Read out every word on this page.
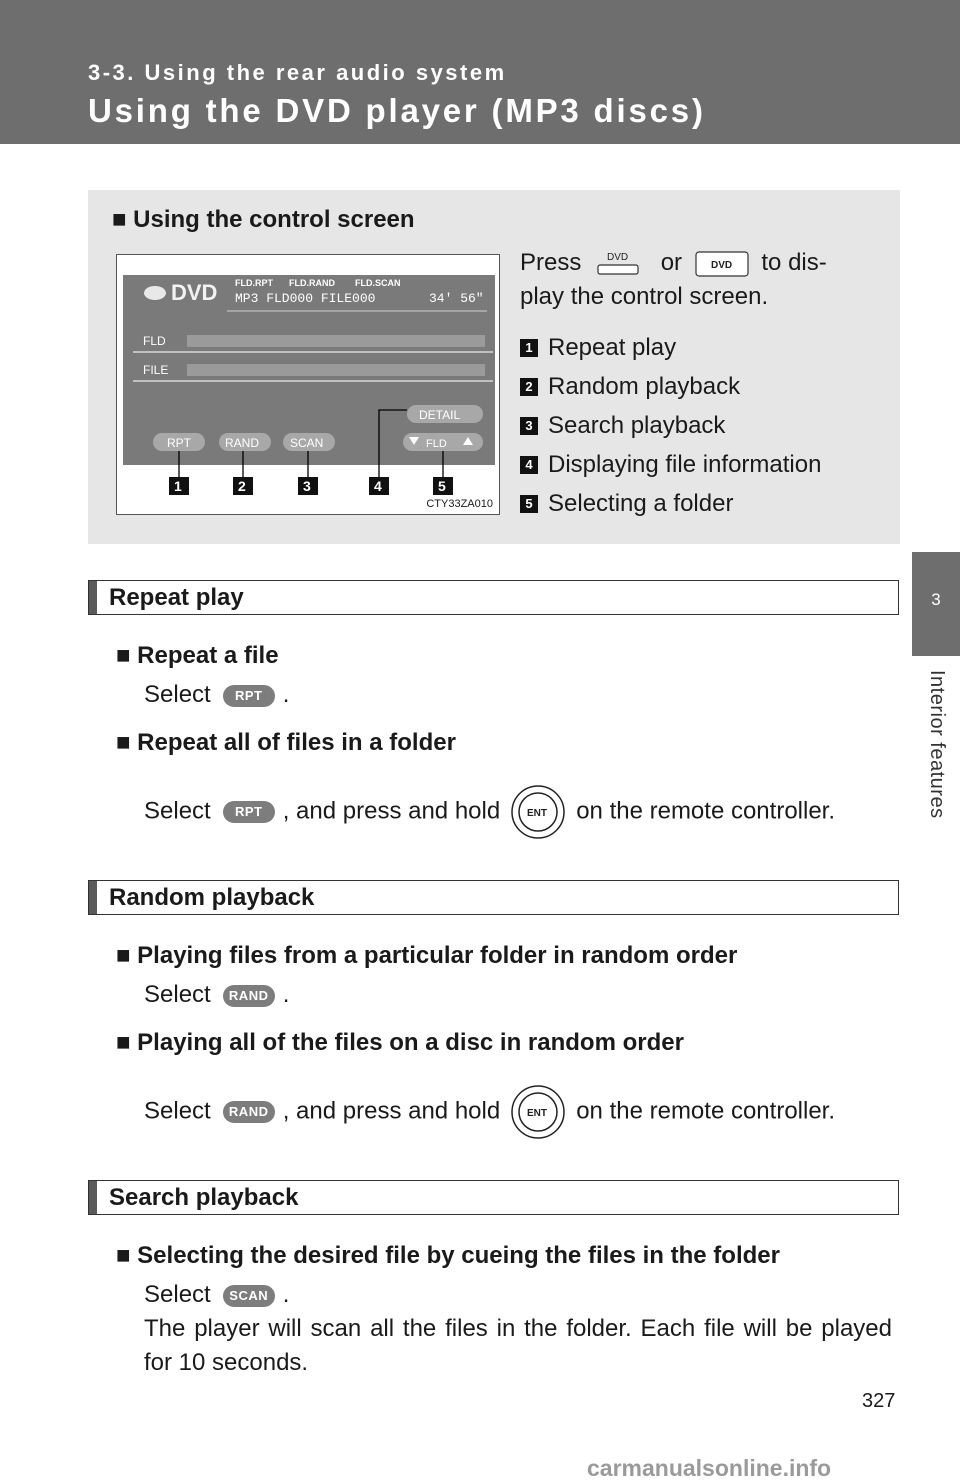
3-3. Using the rear audio system
Using the DVD player (MP3 discs)
3
Interior features
■ Using the control screen
DVD FLD.RPT FLD.RAND FLD.SCAN
MP3 FLD000 FILE000	34' 56"
FLD
FILE
DETAIL
RPT	RAND	SCAN	FLD
1	2	3	4	5
CTY33ZA010
Press	DVD or	DVD to dis-play the control screen.
1 Repeat play
2 Random playback
3 Search playback
4 Displaying file information
5 Selecting a folder
Repeat play
■ Repeat a file
Select RPT .
■ Repeat all of files in a folder
Select RPT , and press and hold	ENT on the remote controller.
Random playback
■ Playing files from a particular folder in random order
Select RAND .
■ Playing all of the files on a disc in random order
Select RAND , and press and hold	ENT on the remote controller.
Search playback
■ Selecting the desired file by cueing the files in the folder
Select SCAN .
The player will scan all the files in the folder. Each file will be played for 10 seconds.
327
carmanualsonline.info
